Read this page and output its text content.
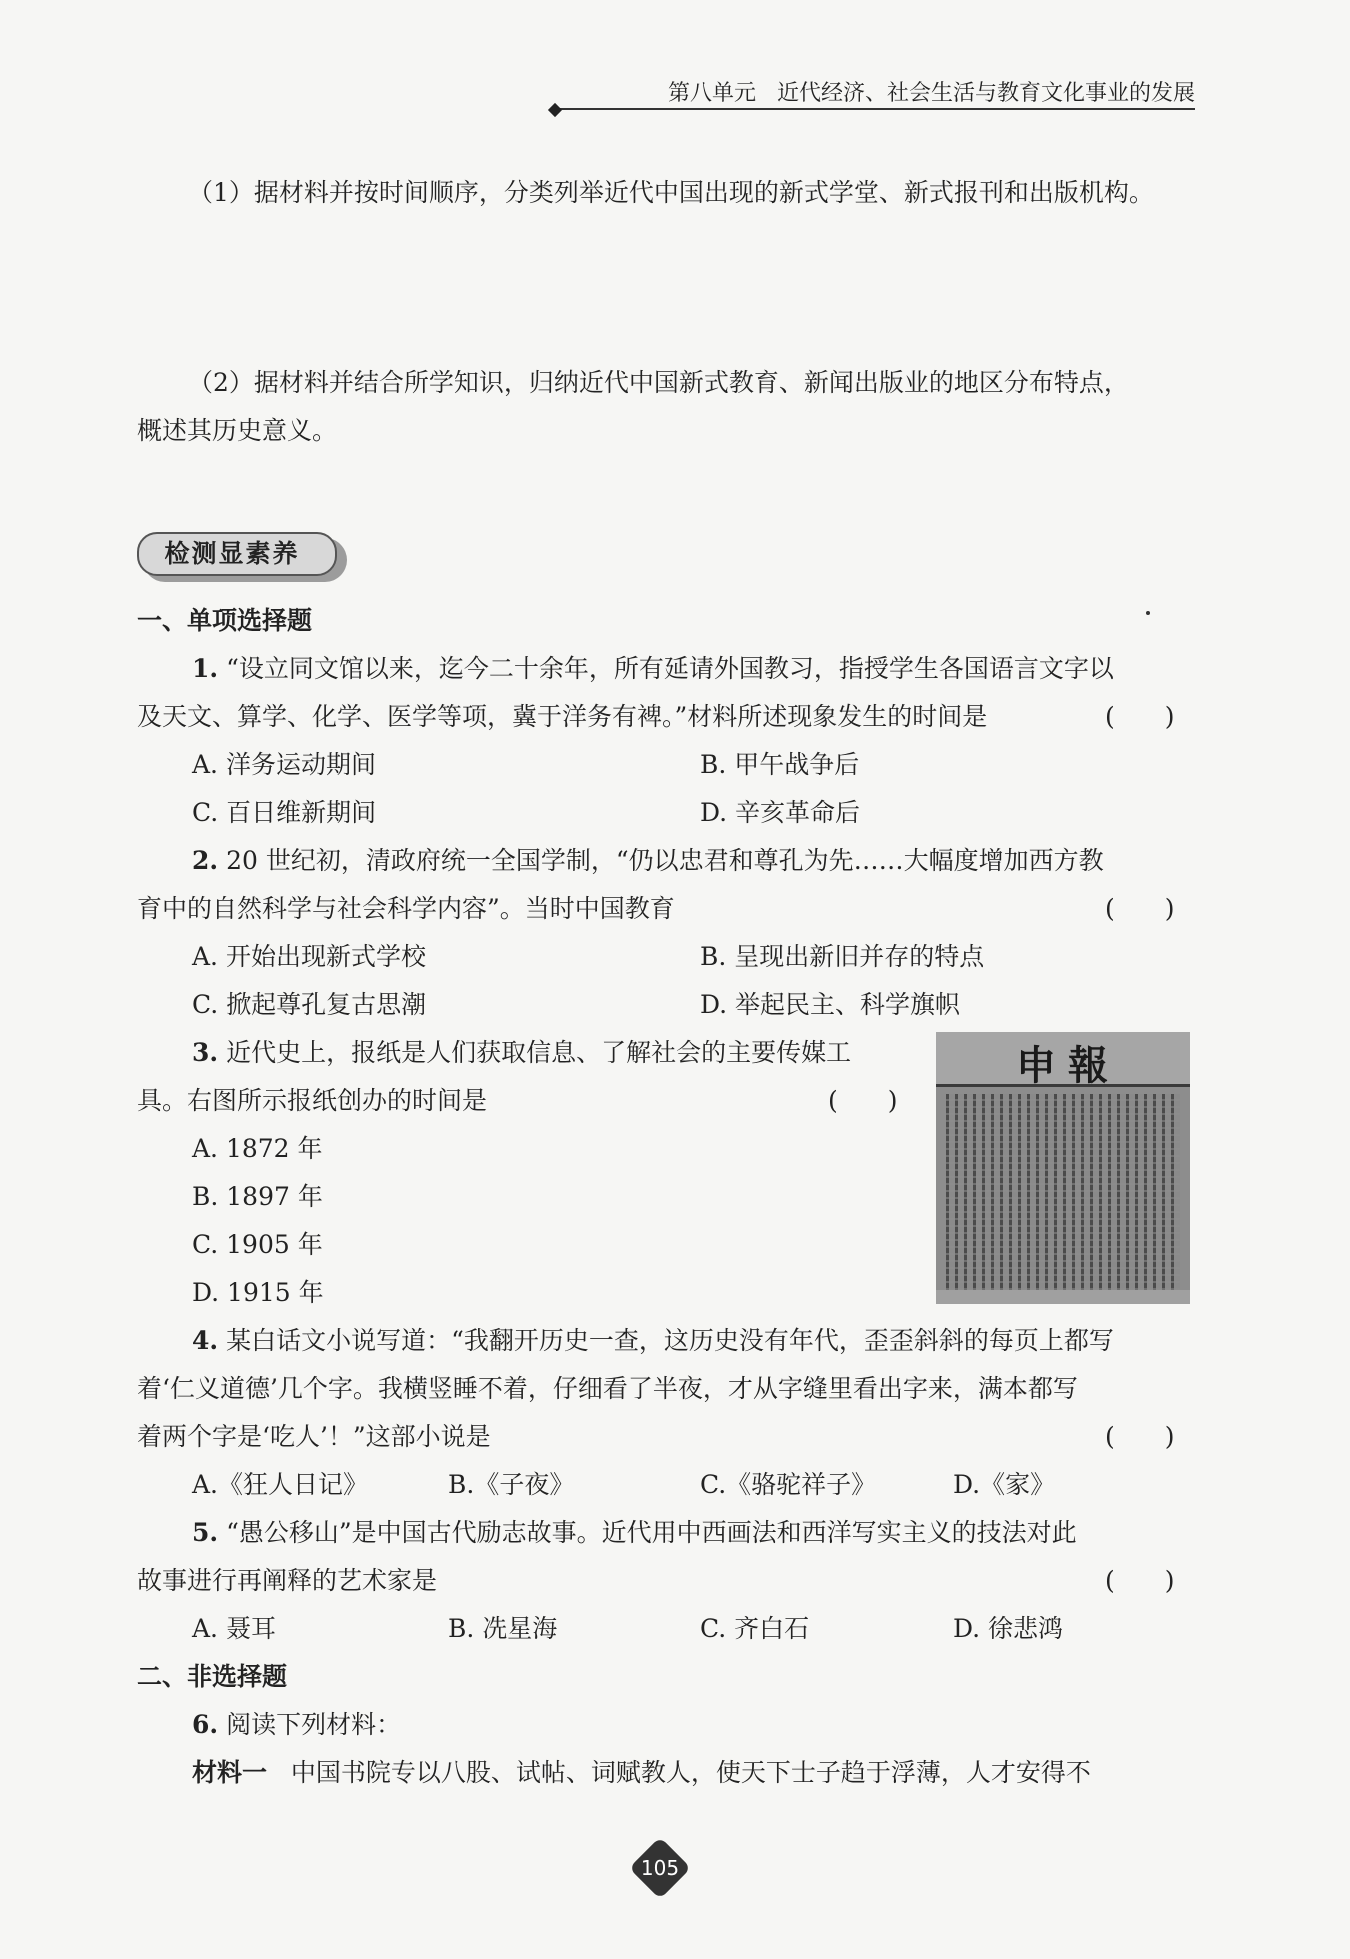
第八单元 近代经济、社会生活与教育文化事业的发展
（1）据材料并按时间顺序，分类列举近代中国出现的新式学堂、新式报刊和出版机构。
（2）据材料并结合所学知识，归纳近代中国新式教育、新闻出版业的地区分布特点，
概述其历史意义。
检测显素养
一、单项选择题
1. “设立同文馆以来，迄今二十余年，所有延请外国教习，指授学生各国语言文字以
及天文、算学、化学、医学等项，冀于洋务有裨。”材料所述现象发生的时间是	(　　)
A. 洋务运动期间	B. 甲午战争后
C. 百日维新期间	D. 辛亥革命后
2. 20 世纪初，清政府统一全国学制，“仍以忠君和尊孔为先……大幅度增加西方教
育中的自然科学与社会科学内容”。当时中国教育	(　　)
A. 开始出现新式学校	B. 呈现出新旧并存的特点
C. 掀起尊孔复古思潮	D. 举起民主、科学旗帜
3. 近代史上，报纸是人们获取信息、了解社会的主要传媒工
具。右图所示报纸创办的时间是	(　　)
A. 1872 年
B. 1897 年
C. 1905 年
D. 1915 年
申報
4. 某白话文小说写道：“我翻开历史一查，这历史没有年代，歪歪斜斜的每页上都写
着‘仁义道德’几个字。我横竖睡不着，仔细看了半夜，才从字缝里看出字来，满本都写
着两个字是‘吃人’！”这部小说是	(　　)
A.《狂人日记》	B.《子夜》	C.《骆驼祥子》	D.《家》
5. “愚公移山”是中国古代励志故事。近代用中西画法和西洋写实主义的技法对此
故事进行再阐释的艺术家是	(　　)
A. 聂耳	B. 冼星海	C. 齐白石	D. 徐悲鸿
二、非选择题
6. 阅读下列材料：
材料一 中国书院专以八股、试帖、词赋教人，使天下士子趋于浮薄，人才安得不
105
